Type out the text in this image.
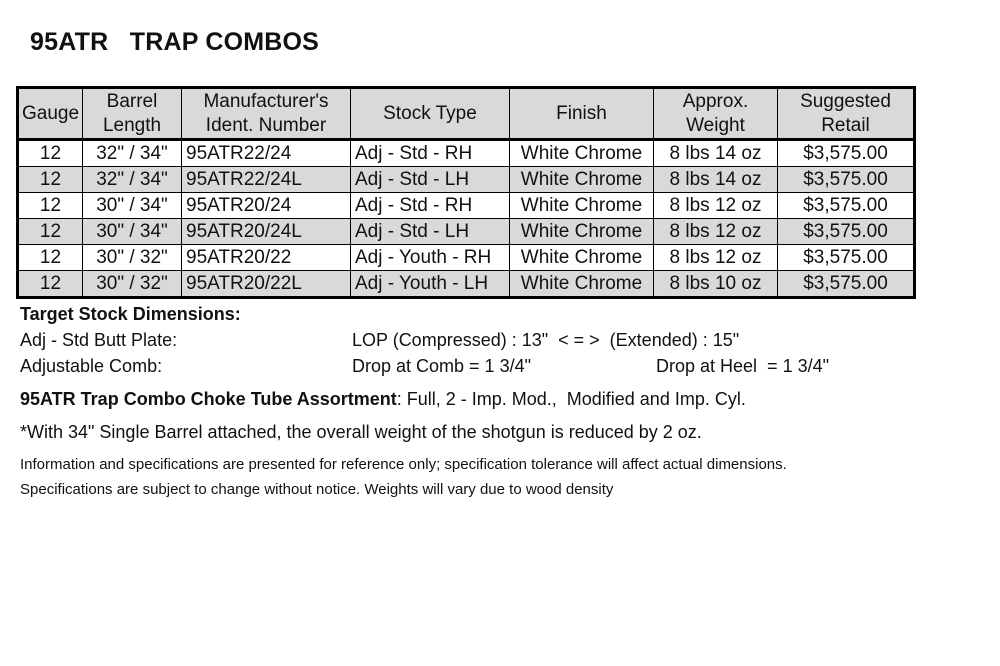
95ATR   TRAP COMBOS
Gauge	Barrel Length	Manufacturer's Ident. Number	Stock Type	Finish	Approx. Weight	Suggested Retail
12	32" / 34"	95ATR22/24	Adj - Std - RH	White Chrome	8 lbs 14 oz	$3,575.00
12	32" / 34"	95ATR22/24L	Adj - Std - LH	White Chrome	8 lbs 14 oz	$3,575.00
12	30" / 34"	95ATR20/24	Adj - Std - RH	White Chrome	8 lbs 12 oz	$3,575.00
12	30" / 34"	95ATR20/24L	Adj - Std - LH	White Chrome	8 lbs 12 oz	$3,575.00
12	30" / 32"	95ATR20/22	Adj - Youth - RH	White Chrome	8 lbs 12 oz	$3,575.00
12	30" / 32"	95ATR20/22L	Adj - Youth - LH	White Chrome	8 lbs 10 oz	$3,575.00
Target Stock Dimensions:
Adj - Std Butt Plate:	LOP (Compressed) : 13"  < = >  (Extended) : 15"
Adjustable Comb:	Drop at Comb = 1 3/4"	Drop at Heel  = 1 3/4"
95ATR Trap Combo Choke Tube Assortment: Full, 2 - Imp. Mod.,  Modified and Imp. Cyl.
*With 34" Single Barrel attached, the overall weight of the shotgun is reduced by 2 oz.
Information and specifications are presented for reference only; specification tolerance will affect actual dimensions.
Specifications are subject to change without notice. Weights will vary due to wood density
